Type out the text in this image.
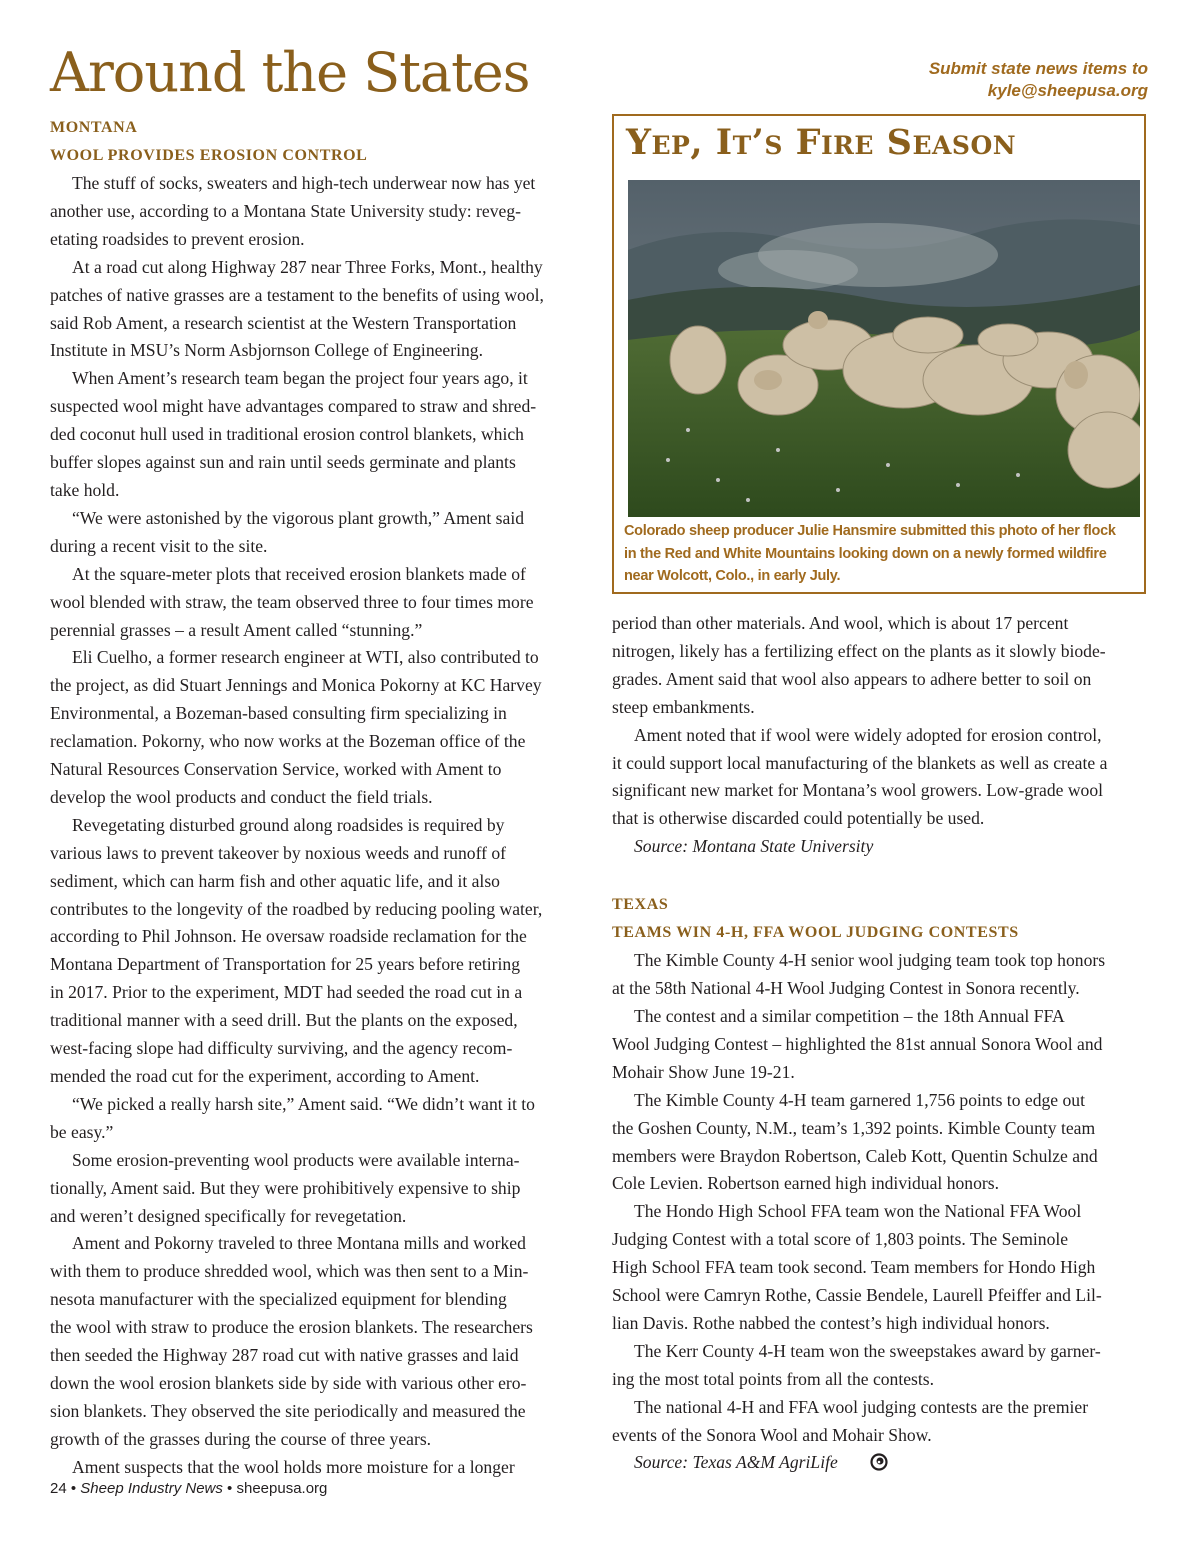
Around the States	Submit state news items to
kyle@sheepusa.org
MONTANA
WOOL PROVIDES EROSION CONTROL

The stuff of socks, sweaters and high-tech underwear now has yet

another use, according to a Montana State University study: reveg-

etating roadsides to prevent erosion.

At a road cut along Highway 287 near Three Forks, Mont., healthy

patches of native grasses are a testament to the benefits of using wool,

said Rob Ament, a research scientist at the Western Transportation

Institute in MSU’s Norm Asbjornson College of Engineering.

When Ament’s research team began the project four years ago, it

suspected wool might have advantages compared to straw and shred-

ded coconut hull used in traditional erosion control blankets, which

buffer slopes against sun and rain until seeds germinate and plants

take hold.

“We were astonished by the vigorous plant growth,” Ament said

during a recent visit to the site.

At the square-meter plots that received erosion blankets made of

wool blended with straw, the team observed three to four times more

perennial grasses – a result Ament called “stunning.”

Eli Cuelho, a former research engineer at WTI, also contributed to

the project, as did Stuart Jennings and Monica Pokorny at KC Harvey

Environmental, a Bozeman-based consulting firm specializing in

reclamation. Pokorny, who now works at the Bozeman office of the

Natural Resources Conservation Service, worked with Ament to

develop the wool products and conduct the field trials.

Revegetating disturbed ground along roadsides is required by

various laws to prevent takeover by noxious weeds and runoff of

sediment, which can harm fish and other aquatic life, and it also

contributes to the longevity of the roadbed by reducing pooling water,

according to Phil Johnson. He oversaw roadside reclamation for the

Montana Department of Transportation for 25 years before retiring

in 2017. Prior to the experiment, MDT had seeded the road cut in a

traditional manner with a seed drill. But the plants on the exposed,

west-facing slope had difficulty surviving, and the agency recom-

mended the road cut for the experiment, according to Ament.

“We picked a really harsh site,” Ament said. “We didn’t want it to

be easy.”

Some erosion-preventing wool products were available interna-

tionally, Ament said. But they were prohibitively expensive to ship

and weren’t designed specifically for revegetation.

Ament and Pokorny traveled to three Montana mills and worked

with them to produce shredded wool, which was then sent to a Min-

nesota manufacturer with the specialized equipment for blending

the wool with straw to produce the erosion blankets. The researchers

then seeded the Highway 287 road cut with native grasses and laid

down the wool erosion blankets side by side with various other ero-

sion blankets. They observed the site periodically and measured the

growth of the grasses during the course of three years.

Ament suspects that the wool holds more moisture for a longer

Yep, It’s Fire Season
Colorado sheep producer Julie Hansmire submitted this photo of her flock
in the Red and White Mountains looking down on a newly formed wildfire
near Wolcott, Colo., in early July.

period than other materials. And wool, which is about 17 percent

nitrogen, likely has a fertilizing effect on the plants as it slowly biode-

grades. Ament said that wool also appears to adhere better to soil on

steep embankments.

Ament noted that if wool were widely adopted for erosion control,

it could support local manufacturing of the blankets as well as create a

significant new market for Montana’s wool growers. Low-grade wool

that is otherwise discarded could potentially be used.

Source: Montana State University

TEXAS
TEAMS WIN 4-H, FFA WOOL JUDGING CONTESTS

The Kimble County 4-H senior wool judging team took top honors

at the 58th National 4-H Wool Judging Contest in Sonora recently.

The contest and a similar competition – the 18th Annual FFA

Wool Judging Contest – highlighted the 81st annual Sonora Wool and

Mohair Show June 19-21.

The Kimble County 4-H team garnered 1,756 points to edge out

the Goshen County, N.M., team’s 1,392 points. Kimble County team

members were Braydon Robertson, Caleb Kott, Quentin Schulze and

Cole Levien. Robertson earned high individual honors.

The Hondo High School FFA team won the National FFA Wool

Judging Contest with a total score of 1,803 points. The Seminole

High School FFA team took second. Team members for Hondo High

School were Camryn Rothe, Cassie Bendele, Laurell Pfeiffer and Lil-

lian Davis. Rothe nabbed the contest’s high individual honors.

The Kerr County 4-H team won the sweepstakes award by garner-

ing the most total points from all the contests.

The national 4-H and FFA wool judging contests are the premier

events of the Sonora Wool and Mohair Show.

Source: Texas A&M AgriLife

24 • Sheep Industry News • sheepusa.org
